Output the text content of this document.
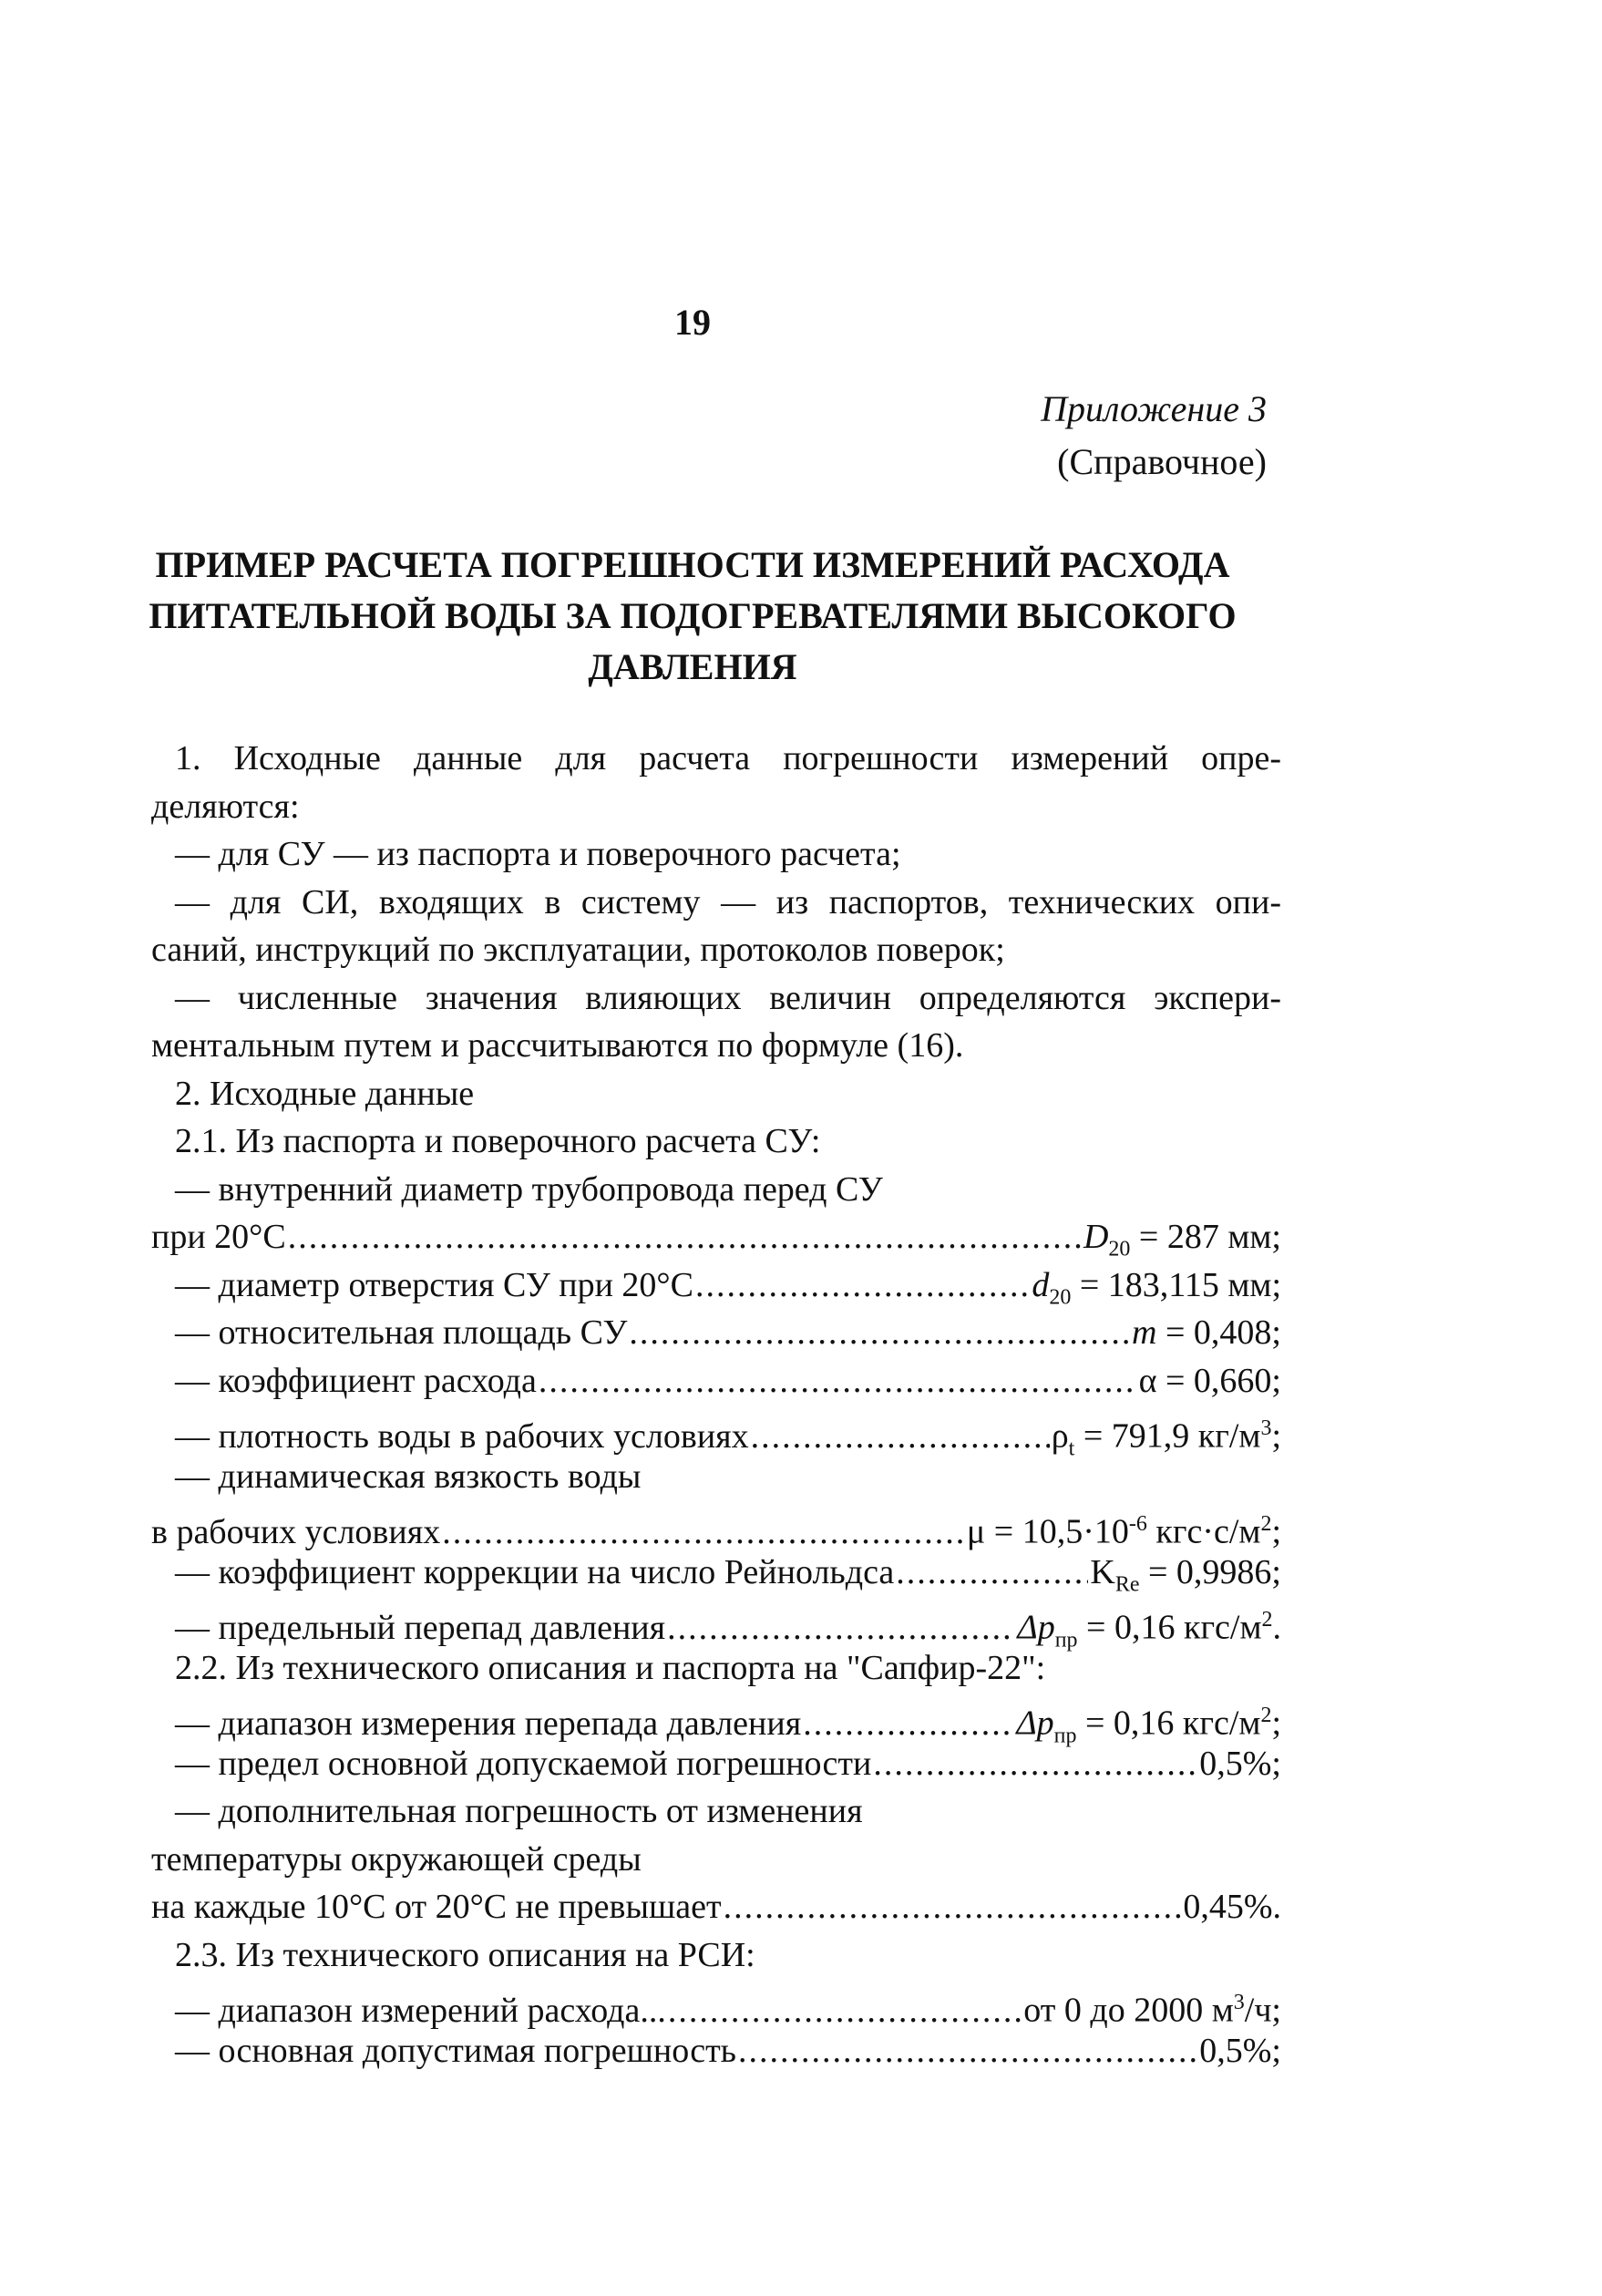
19
Приложение 3
(Справочное)
ПРИМЕР РАСЧЕТА ПОГРЕШНОСТИ ИЗМЕРЕНИЙ РАСХОДА
ПИТАТЕЛЬНОЙ ВОДЫ ЗА ПОДОГРЕВАТЕЛЯМИ ВЫСОКОГО
ДАВЛЕНИЯ
1. Исходные данные для расчета погрешности измерений опре-
деляются:
— для СУ — из паспорта и поверочного расчета;
— для СИ, входящих в систему — из паспортов, технических опи-
саний, инструкций по эксплуатации, протоколов поверок;
— численные значения влияющих величин определяются экспери-
ментальным путем и рассчитываются по формуле (16).
2. Исходные данные
2.1. Из паспорта и поверочного расчета СУ:
— внутренний диаметр трубопровода перед СУ
при 20°С .....	$D_{20} = 287$ мм;
— диаметр отверстия СУ при 20°С .....	$d_{20} = 183,115$ мм;
— относительная площадь СУ .....	m = 0,408;
— коэффициент расхода .....	α = 0,660;
— плотность воды в рабочих условиях .....	$\rho_t = 791,9$ $кг/м^3$;
— динамическая вязкость воды
в рабочих условиях .....	$\mu = 10,5\cdot 10^{-6}$ $кгс\cdot с/м^2$;
— коэффициент коррекции на число Рейнольдса .....	$K_{Re} = 0,9986$;
— предельный перепад давления .....	$\Delta p_{пр} = 0,16$ кгс/$м^2$.
2.2. Из технического описания и паспорта на "Сапфир-22":
— диапазон измерения перепада давления .....	$\Delta p_{пр} = 0,16$ кгс/$м^2$;
— предел основной допускаемой погрешности .....	0,5%;
— дополнительная погрешность от изменения
температуры окружающей среды
на каждые 10°С от 20°С не превышает .....	0,45%.
2.3. Из технического описания на РСИ:
— диапазон измерений расхода... .....	от 0 до 2000 $м^3/ч$;
— основная допустимая погрешность .....	0,5%;
